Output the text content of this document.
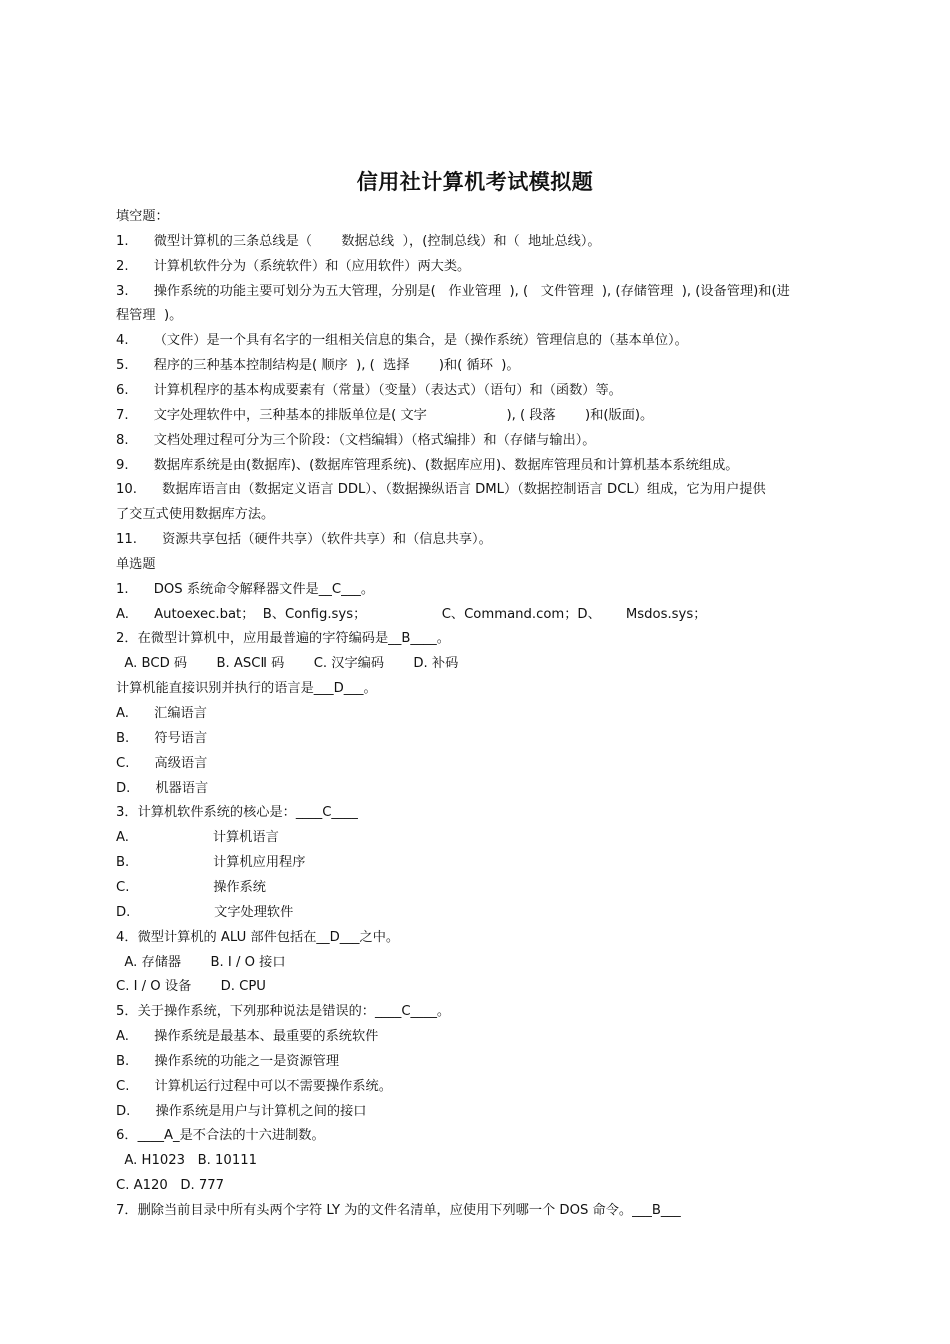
信用社计算机考试模拟题
填空题：
1.      微型计算机的三条总线是（       数据总线  ），(控制总线）和（  地址总线）。
2.      计算机软件分为（系统软件）和（应用软件）两大类。
3.      操作系统的功能主要可划分为五大管理，分别是(   作业管理  ), (   文件管理  ), (存储管理  ), (设备管理)和(进
程管理  )。
4.      （文件）是一个具有名字的一组相关信息的集合，是（操作系统）管理信息的（基本单位）。
5.      程序的三种基本控制结构是( 顺序  ), (  选择       )和( 循环  )。
6.      计算机程序的基本构成要素有（常量）（变量）（表达式）（语句）和（函数）等。
7.      文字处理软件中，三种基本的排版单位是( 文字                   ), ( 段落       )和(版面)。
8.      文档处理过程可分为三个阶段：（文档编辑）（格式编排）和（存储与输出）。
9.      数据库系统是由(数据库)、(数据库管理系统)、(数据库应用)、数据库管理员和计算机基本系统组成。
10.      数据库语言由（数据定义语言 DDL）、（数据操纵语言 DML）（数据控制语言 DCL）组成，它为用户提供
了交互式使用数据库方法。
11.      资源共享包括（硬件共享）（软件共享）和（信息共享）。
单选题
1.      DOS 系统命令解释器文件是__C___。
A.      Autoexec.bat；  B、Config.sys；                  C、Command.com；D、      Msdos.sys；
2．在微型计算机中，应用最普遍的字符编码是__B____。
A. BCD 码       B. ASCⅡ 码       C. 汉字编码       D. 补码
计算机能直接识别并执行的语言是___D___。
A.      汇编语言
B.      符号语言
C.      高级语言
D.      机器语言
3．计算机软件系统的核心是：____C____
A.                    计算机语言
B.                    计算机应用程序
C.                    操作系统
D.                    文字处理软件
4．微型计算机的 ALU 部件包括在__D___之中。
A. 存储器       B. I / O 接口
C. I / O 设备       D. CPU
5．关于操作系统，下列那种说法是错误的：____C____。
A.      操作系统是最基本、最重要的系统软件
B.      操作系统的功能之一是资源管理
C.      计算机运行过程中可以不需要操作系统。
D.      操作系统是用户与计算机之间的接口
6．____A_是不合法的十六进制数。
A. H1023   B. 10111
C. A120   D. 777
7．删除当前目录中所有头两个字符 LY 为的文件名清单，应使用下列哪一个 DOS 命令。___B___
